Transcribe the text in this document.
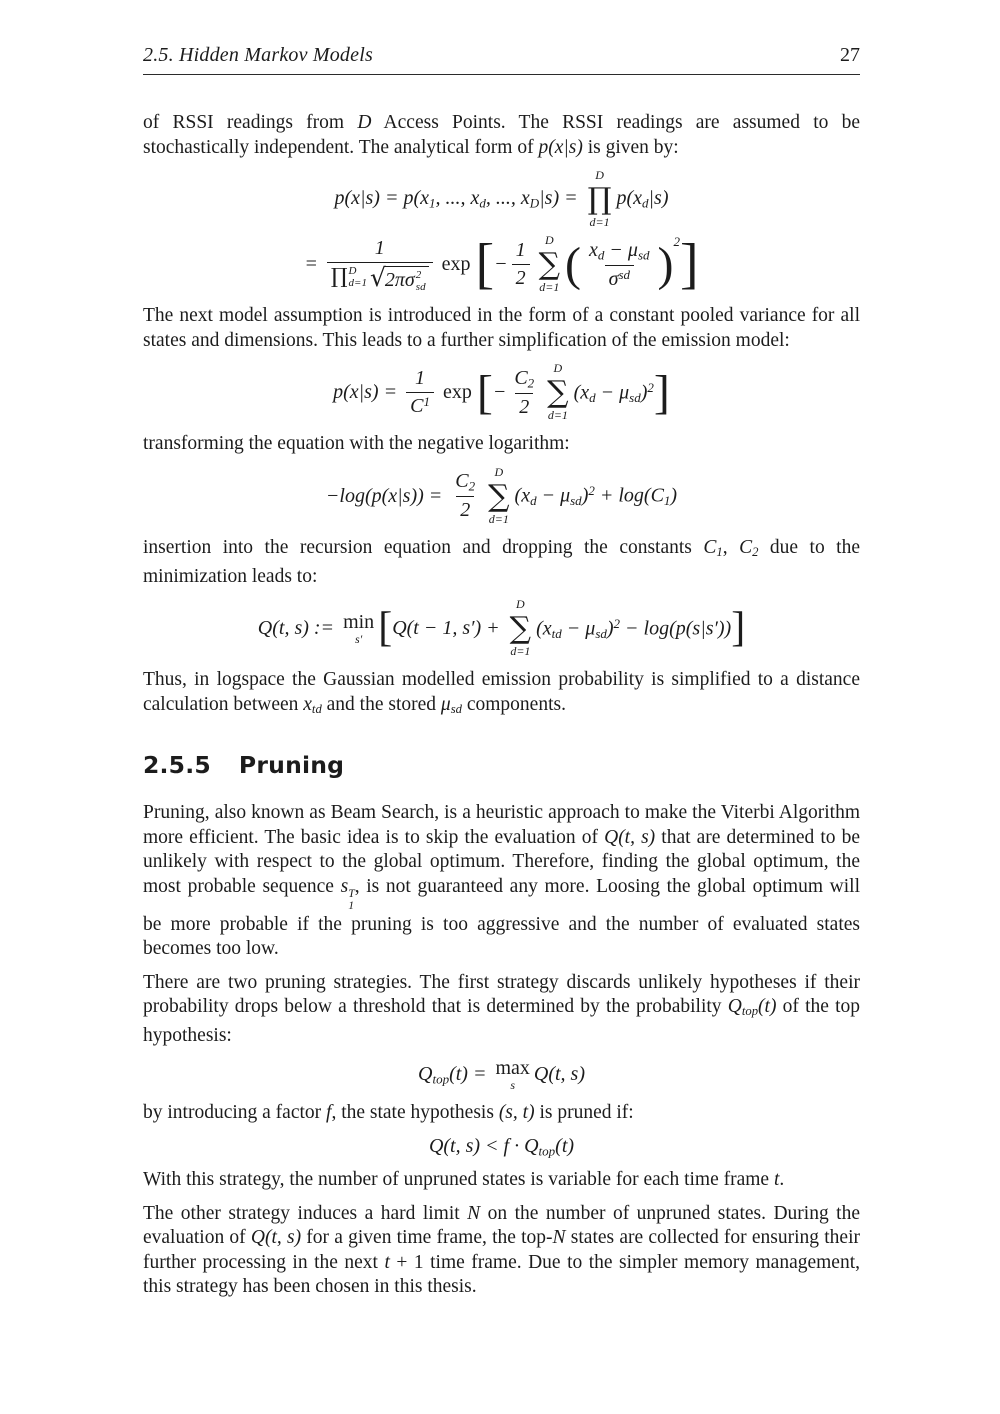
2.5. Hidden Markov Models	27

of RSSI readings from D Access Points. The RSSI readings are assumed to be stochastically independent. The analytical form of p(x|s) is given by:

$p(x|s) = p(x_1$, ..., $x_d$, ..., $x_D|s$) =
D
∏
d=1
$p(x_d|s)$
=
1
∏ D
d=1 √ 2πσ 2
sd
exp [ − $\frac{1}{2}$ D
∑
d=1 ( $\frac{x_d - \mu_{sd}}{\text{σ sd}}$ ) 2 ]

The next model assumption is introduced in the form of a constant pooled variance for all states and dimensions. This leads to a further simplification of the emission model:

$p(x|s) = \frac{1}{C 1}$ exp [ − $\frac{C_2}{2}$ D
∑
d=1
$(x_d - \mu_{sd})^2$ ]

transforming the equation with the negative logarithm:

$-\log(p(x|s)) = \frac{C_2}{2}$ D
∑
d=1
$(x_d - \mu_{sd})^2 + \log(C_1)$

insertion into the recursion equation and dropping the constants $C_1$, $C_2$ due to the minimization leads to:

Q(t, s) := min
s′ [ Q(t − 1, s′) +
D
∑
d=1
$(x_{td} - \mu_{sd})^2 - \log(p(s|s'))$ ]

Thus, in logspace the Gaussian modelled emission probability is simplified to a distance calculation between $x_{td}$ and the stored $\mu_{sd}$ components.

2.5.5 Pruning

Pruning, also known as Beam Search, is a heuristic approach to make the Viterbi Algorithm more efficient. The basic idea is to skip the evaluation of Q(t, s) that are determined to be unlikely with respect to the global optimum. Therefore, finding the global optimum, the most probable sequence s T
1
, is not guaranteed any more. Loosing the global optimum will be more probable if the pruning is too aggressive and the number of evaluated states becomes too low.

There are two pruning strategies. The first strategy discards unlikely hypotheses if their probability drops below a threshold that is determined by the probability $Q_{top}(t)$ of the top hypothesis:

$Q_{top}(t) = \max$
s Q(t, s)

by introducing a factor f, the state hypothesis (s, t) is pruned if:

Q(t, $s) < f \cdot Q_{top}(t)$

With this strategy, the number of unpruned states is variable for each time frame t.

The other strategy induces a hard limit N on the number of unpruned states. During the evaluation of Q(t, s) for a given time frame, the top-N states are collected for ensuring their further processing in the next t + 1 time frame. Due to the simpler memory management, this strategy has been chosen in this thesis.
